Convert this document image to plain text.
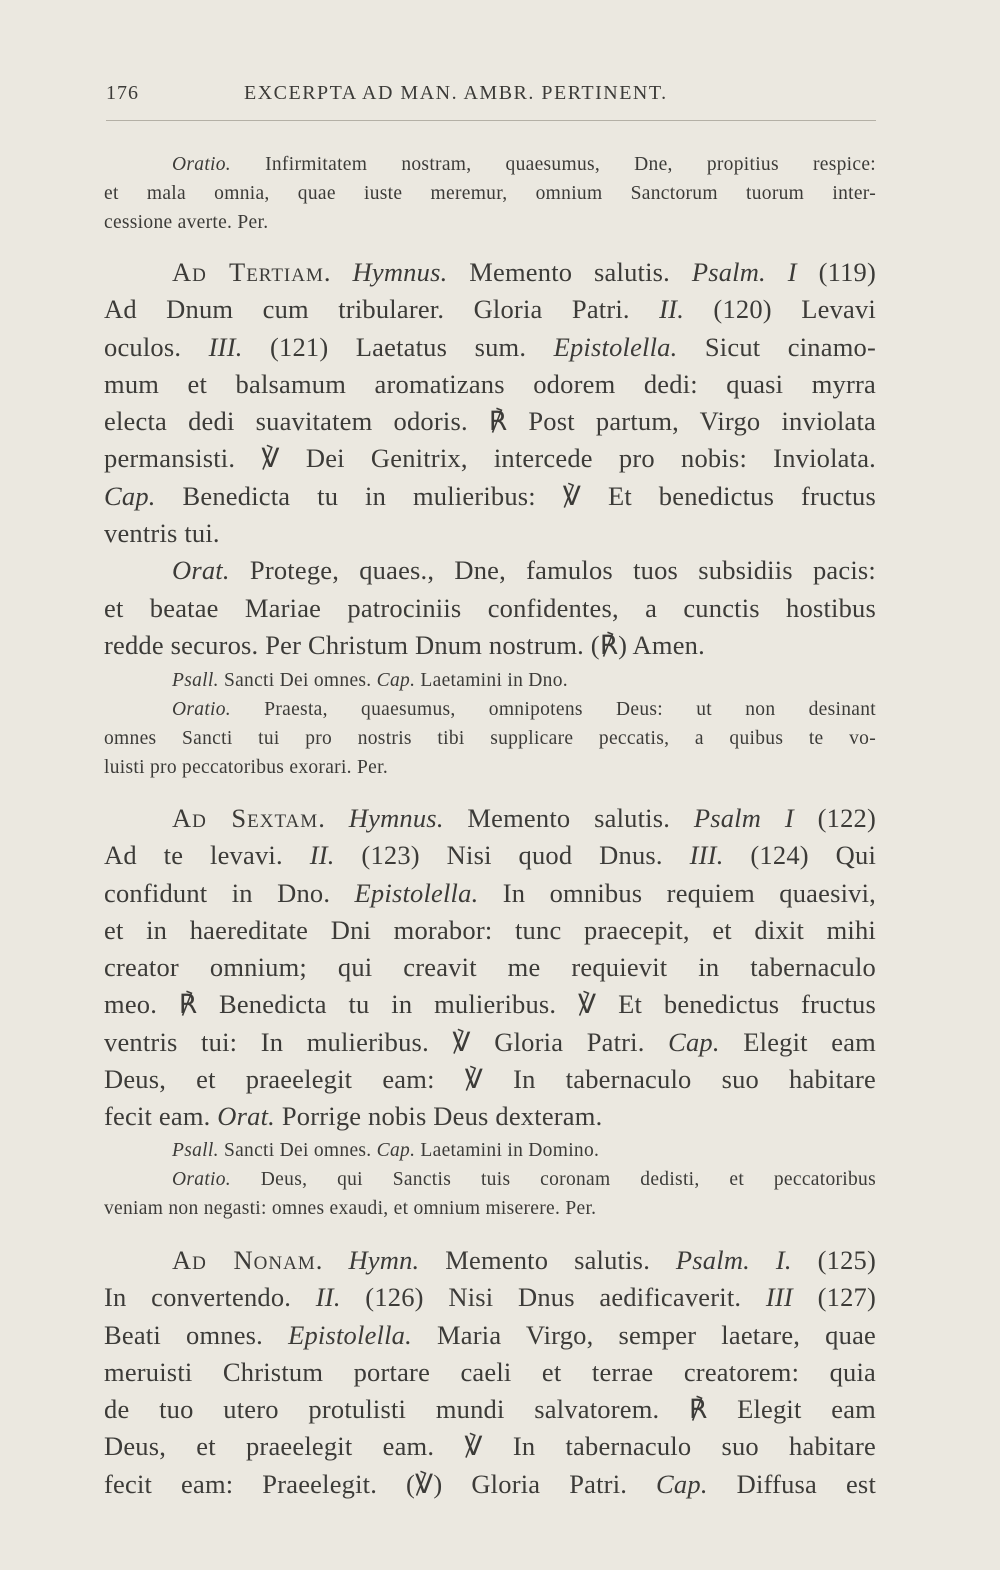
176	EXCERPTA AD MAN. AMBR. PERTINENT.
Oratio. Infirmitatem nostram, quaesumus, Dne, propitius respice:
et mala omnia, quae iuste meremur, omnium Sanctorum tuorum inter-
cessione averte. Per.
Ad Tertiam. Hymnus. Memento salutis. Psalm. I (119)
Ad Dnum cum tribularer. Gloria Patri. II. (120) Levavi
oculos. III. (121) Laetatus sum. Epistolella. Sicut cinamo-
mum et balsamum aromatizans odorem dedi: quasi myrra
electa dedi suavitatem odoris. ℟ Post partum, Virgo inviolata
permansisti. ℣ Dei Genitrix, intercede pro nobis: Inviolata.
Cap. Benedicta tu in mulieribus: ℣ Et benedictus fructus
ventris tui.
Orat. Protege, quaes., Dne, famulos tuos subsidiis pacis:
et beatae Mariae patrociniis confidentes, a cunctis hostibus
redde securos. Per Christum Dnum nostrum. (℟) Amen.
Psall. Sancti Dei omnes. Cap. Laetamini in Dno.
Oratio. Praesta, quaesumus, omnipotens Deus: ut non desinant
omnes Sancti tui pro nostris tibi supplicare peccatis, a quibus te vo-
luisti pro peccatoribus exorari. Per.
Ad Sextam. Hymnus. Memento salutis. Psalm I (122)
Ad te levavi. II. (123) Nisi quod Dnus. III. (124) Qui
confidunt in Dno. Epistolella. In omnibus requiem quaesivi,
et in haereditate Dni morabor: tunc praecepit, et dixit mihi
creator omnium; qui creavit me requievit in tabernaculo
meo. ℟ Benedicta tu in mulieribus. ℣ Et benedictus fructus
ventris tui: In mulieribus. ℣ Gloria Patri. Cap. Elegit eam
Deus, et praeelegit eam: ℣ In tabernaculo suo habitare
fecit eam. Orat. Porrige nobis Deus dexteram.
Psall. Sancti Dei omnes. Cap. Laetamini in Domino.
Oratio. Deus, qui Sanctis tuis coronam dedisti, et peccatoribus
veniam non negasti: omnes exaudi, et omnium miserere. Per.
Ad Nonam. Hymn. Memento salutis. Psalm. I. (125)
In convertendo. II. (126) Nisi Dnus aedificaverit. III (127)
Beati omnes. Epistolella. Maria Virgo, semper laetare, quae
meruisti Christum portare caeli et terrae creatorem: quia
de tuo utero protulisti mundi salvatorem. ℟ Elegit eam
Deus, et praeelegit eam. ℣ In tabernaculo suo habitare
fecit eam: Praeelegit. (℣) Gloria Patri. Cap. Diffusa est
